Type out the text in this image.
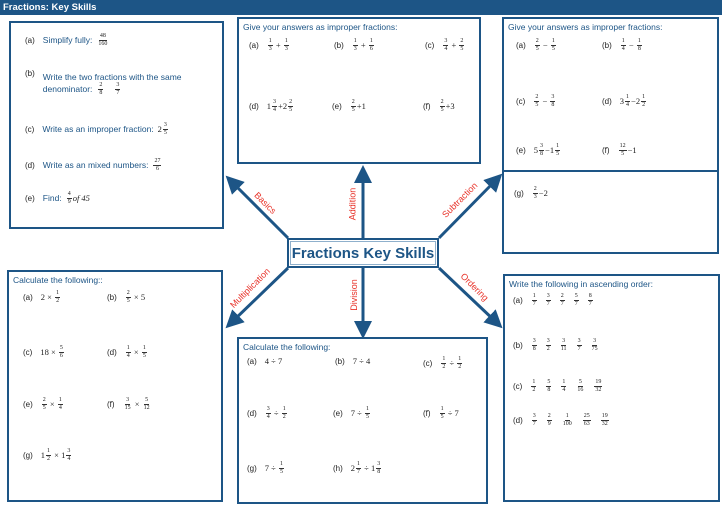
Fractions: Key Skills
Basics	Addition	Subtraction
Multiplication	Division	Ordering
Fractions Key Skills
(a) Simplify fully: $\frac{48}{160}$
(b) Write the two fractions with the same
denominator: $\frac{2}{8} \frac{3}{7}$
(c) Write as an improper fraction: $2 \frac{3}{5}$
(d) Write as an mixed numbers: $\frac{27}{6}$
(e) Find: $\frac{4}{9}$ of 45
Give your answers as improper fractions:
$(a) \frac{1}{3} + \frac{1}{3}$	$(b) \frac{1}{3} + \frac{1}{6}$	$(c) \frac{3}{4} + \frac{2}{5}$
(d) $1 \frac{3}{4} +2 \frac{2}{5}$	$(e) \frac{2}{5} +1$	$(f) \frac{2}{5} +3$
Give your answers as improper fractions:
$(a) \frac{2}{5} - \frac{1}{5}$	$(b) \frac{1}{4} - \frac{1}{8}$
$(c) \frac{2}{5} - \frac{3}{8}$	(d) $3 \frac{1}{4} -2 \frac{1}{2}$
(e) $5 \frac{3}{8} -1 \frac{1}{5}$	$(f) \frac{12}{5} -1$
$(g) \frac{2}{3} -2$
Calculate the following::
(a) $2 \times \frac{1}{2}$	$(b) \frac{2}{5} \times 5$
(c) $18 \times \frac{5}{6}$	$(d) \frac{1}{4} \times \frac{1}{5}$
$(e) \frac{2}{5} \times \frac{1}{4}$	$(f) \frac{3}{15} \times \frac{5}{12}$
(g) $1 \frac{1}{2} \times 1 \frac{3}{4}$
Calculate the following:
(a) 4 ÷ 7	(b) 7 ÷ 4	$(c) \frac{1}{2} \div \frac{1}{2}$
$(d) \frac{3}{4} \div \frac{1}{2}$	(e) $7 \div \frac{1}{5}$	$(f) \frac{1}{5} \div 7$
(g) $7 \div \frac{1}{5}$	(h) $2 \frac{1}{7} \div 1 \frac{3}{8}$
Write the following in ascending order:
$(a) \frac{1}{7} \frac{3}{7} \frac{2}{7} \frac{5}{7} \frac{8}{7}$
$(b) \frac{3}{8} \frac{3}{2} \frac{3}{11} \frac{3}{7} \frac{3}{75}$
$(c) \frac{1}{2} \frac{5}{8} \frac{1}{4} \frac{5}{16} \frac{19}{32}$
$(d) \frac{3}{7} \frac{2}{9} \frac{1}{100} \frac{25}{63} \frac{19}{32}$
